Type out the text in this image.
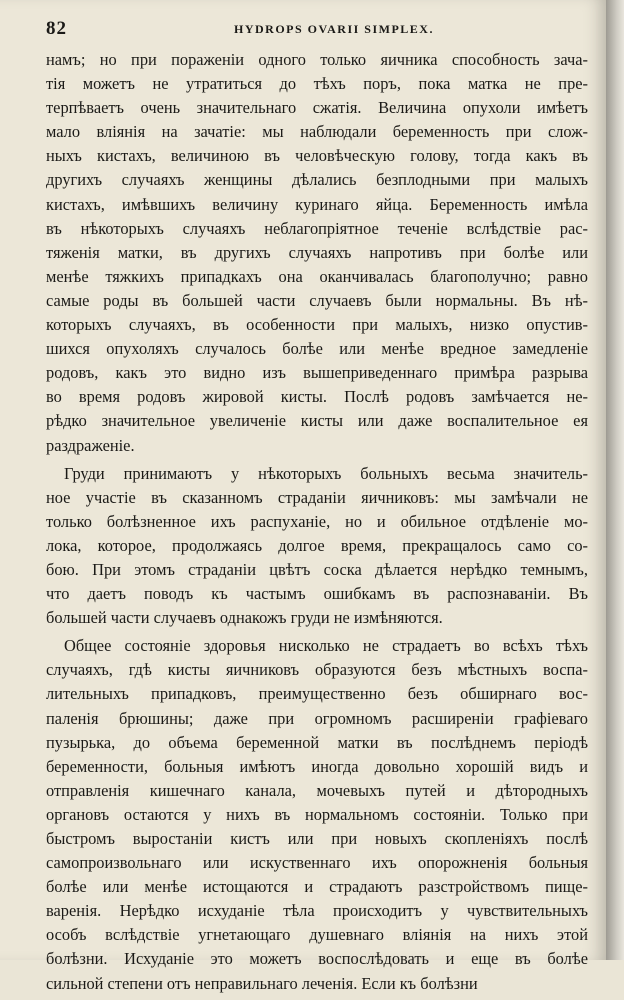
82	HYDROPS OVARII SIMPLEX.
намъ; но при пораженіи одного только яичника способность зача-
тія можетъ не утратиться до тѣхъ поръ, пока матка не пре-
терпѣваетъ очень значительнаго сжатія. Величина опухоли имѣетъ
мало вліянія на зачатіе: мы наблюдали беременность при слож-
ныхъ кистахъ, величиною въ человѣческую голову, тогда какъ въ
другихъ случаяхъ женщины дѣлались безплодными при малыхъ
кистахъ, имѣвшихъ величину куринаго яйца. Беременность имѣла
въ нѣкоторыхъ случаяхъ неблагопріятное теченіе вслѣдствіе рас-
тяженія матки, въ другихъ случаяхъ напротивъ при болѣе или
менѣе тяжкихъ припадкахъ она оканчивалась благополучно; равно
самые роды въ большей части случаевъ были нормальны. Въ нѣ-
которыхъ случаяхъ, въ особенности при малыхъ, низко опустив-
шихся опухоляхъ случалось болѣе или менѣе вредное замедленіе
родовъ, какъ это видно изъ вышеприведеннаго примѣра разрыва
во время родовъ жировой кисты. Послѣ родовъ замѣчается не-
рѣдко значительное увеличеніе кисты или даже воспалительное ея
раздраженіе.
Груди принимаютъ у нѣкоторыхъ больныхъ весьма значитель-
ное участіе въ сказанномъ страданіи яичниковъ: мы замѣчали не
только болѣзненное ихъ распуханіе, но и обильное отдѣленіе мо-
лока, которое, продолжаясь долгое время, прекращалось само со-
бою. При этомъ страданіи цвѣтъ соска дѣлается нерѣдко темнымъ,
что даетъ поводъ къ частымъ ошибкамъ въ распознаваніи. Въ
большей части случаевъ однакожъ груди не измѣняются.
Общее состояніе здоровья нисколько не страдаетъ во всѣхъ тѣхъ
случаяхъ, гдѣ кисты яичниковъ образуются безъ мѣстныхъ воспа-
лительныхъ припадковъ, преимущественно безъ обширнаго вос-
паленія брюшины; даже при огромномъ расширеніи графіеваго
пузырька, до объема беременной матки въ послѣднемъ періодѣ
беременности, больныя имѣютъ иногда довольно хорошій видъ и
отправленія кишечнаго канала, мочевыхъ путей и дѣтородныхъ
органовъ остаются у нихъ въ нормальномъ состояніи. Только при
быстромъ выростаніи кистъ или при новыхъ скопленіяхъ послѣ
самопроизвольнаго или искуственнаго ихъ опорожненія больныя
болѣе или менѣе истощаются и страдаютъ разстройствомъ пище-
варенія. Нерѣдко исхуданіе тѣла происходитъ у чувствительныхъ
особъ вслѣдствіе угнетающаго душевнаго вліянія на нихъ этой
болѣзни. Исхуданіе это можетъ воспослѣдовать и еще въ болѣе
сильной степени отъ неправильнаго леченія. Если къ болѣзни
